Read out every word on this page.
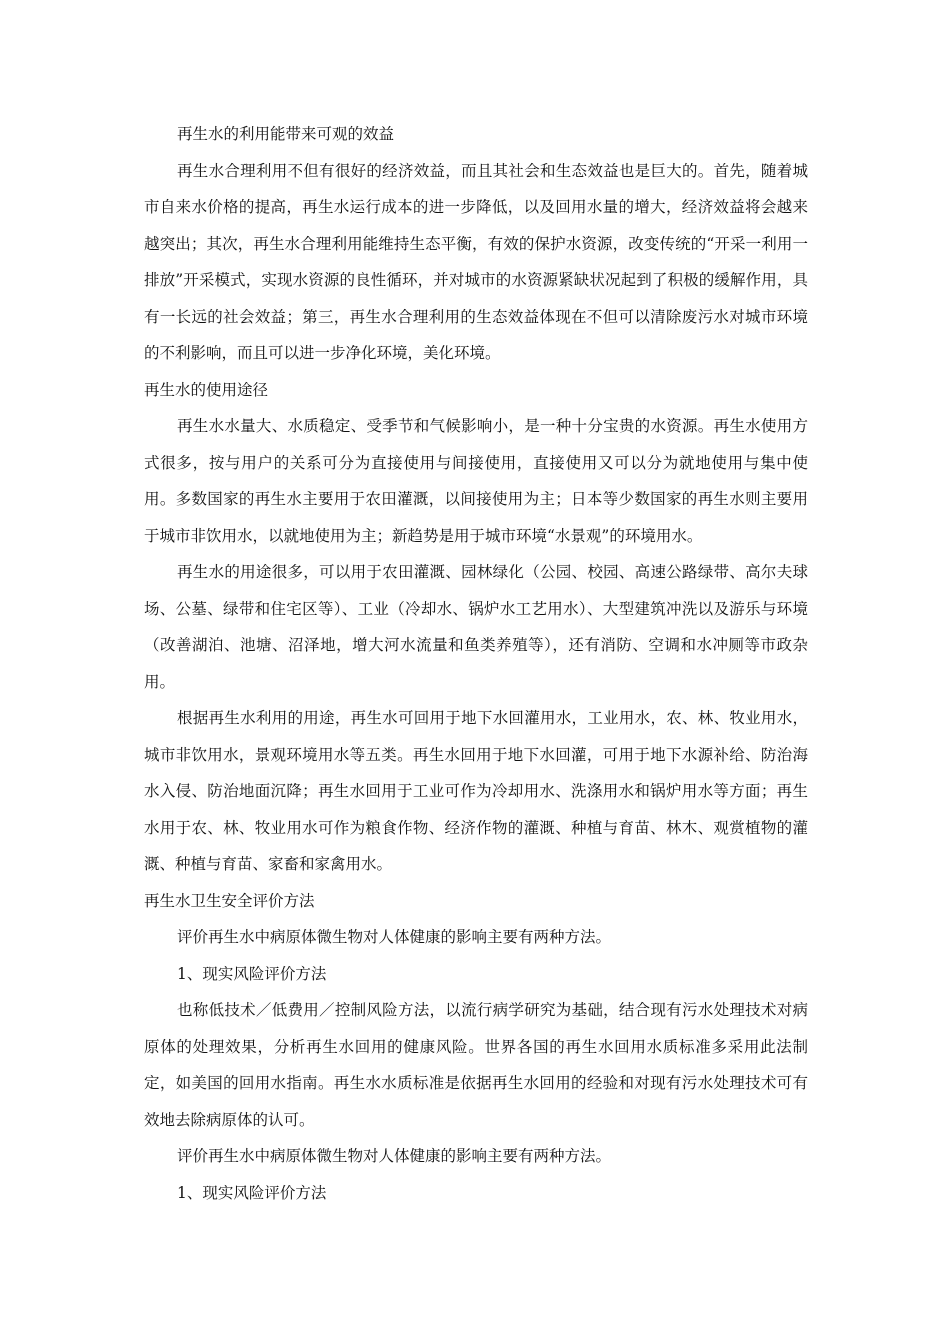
再生水的利用能带来可观的效益

再生水合理利用不但有很好的经济效益，而且其社会和生态效益也是巨大的。首先，随着城市自来水价格的提高，再生水运行成本的进一步降低，以及回用水量的增大，经济效益将会越来越突出；其次，再生水合理利用能维持生态平衡，有效的保护水资源，改变传统的“开采一利用一排放”开采模式，实现水资源的良性循环，并对城市的水资源紧缺状况起到了积极的缓解作用，具有一长远的社会效益；第三，再生水合理利用的生态效益体现在不但可以清除废污水对城市环境的不利影响，而且可以进一步净化环境，美化环境。

再生水的使用途径

再生水水量大、水质稳定、受季节和气候影响小，是一种十分宝贵的水资源。再生水使用方式很多，按与用户的关系可分为直接使用与间接使用，直接使用又可以分为就地使用与集中使用。多数国家的再生水主要用于农田灌溉，以间接使用为主；日本等少数国家的再生水则主要用于城市非饮用水，以就地使用为主；新趋势是用于城市环境“水景观”的环境用水。

再生水的用途很多，可以用于农田灌溉、园林绿化（公园、校园、高速公路绿带、高尔夫球场、公墓、绿带和住宅区等）、工业（冷却水、锅炉水工艺用水）、大型建筑冲洗以及游乐与环境（改善湖泊、池塘、沼泽地，增大河水流量和鱼类养殖等），还有消防、空调和水冲厕等市政杂用。

根据再生水利用的用途，再生水可回用于地下水回灌用水，工业用水，农、林、牧业用水，城市非饮用水，景观环境用水等五类。再生水回用于地下水回灌，可用于地下水源补给、防治海水入侵、防治地面沉降；再生水回用于工业可作为冷却用水、洗涤用水和锅炉用水等方面；再生水用于农、林、牧业用水可作为粮食作物、经济作物的灌溉、种植与育苗、林木、观赏植物的灌溉、种植与育苗、家畜和家禽用水。

再生水卫生安全评价方法

评价再生水中病原体微生物对人体健康的影响主要有两种方法。

1、现实风险评价方法

也称低技术／低费用／控制风险方法，以流行病学研究为基础，结合现有污水处理技术对病原体的处理效果，分析再生水回用的健康风险。世界各国的再生水回用水质标准多采用此法制定，如美国的回用水指南。再生水水质标准是依据再生水回用的经验和对现有污水处理技术可有效地去除病原体的认可。

评价再生水中病原体微生物对人体健康的影响主要有两种方法。

1、现实风险评价方法
